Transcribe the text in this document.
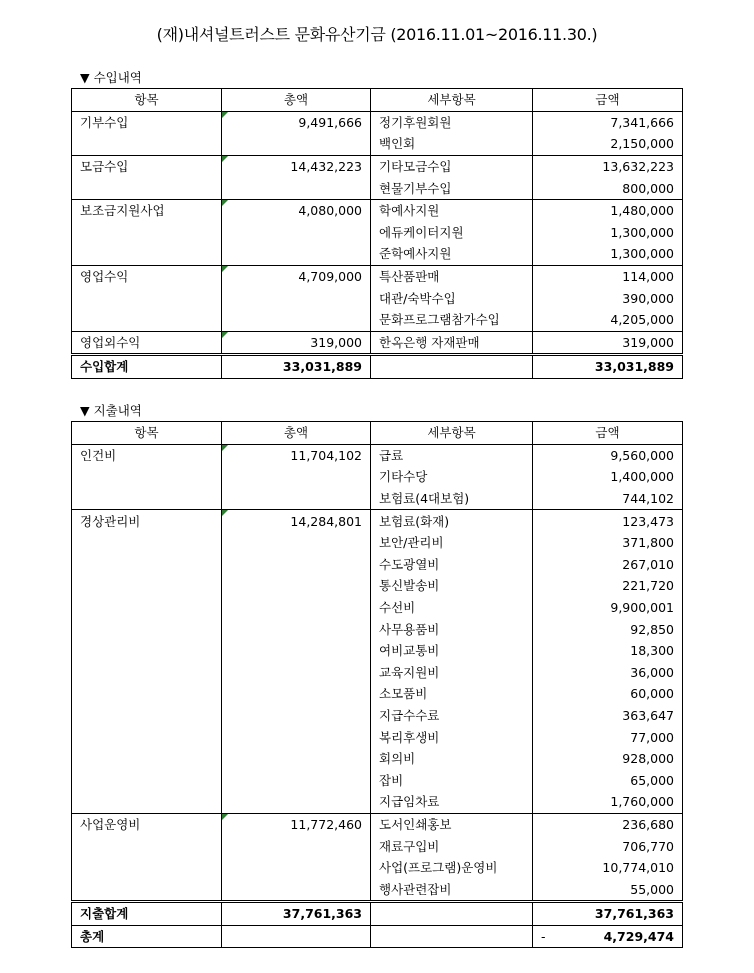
(재)내셔널트러스트 문화유산기금 (2016.11.01~2016.11.30.)
▼ 수입내역
항목	총액	세부항목	금액
기부수입	9,491,666	정기후원회원	7,341,666
		백인회	2,150,000
모금수입	14,432,223	기타모금수입	13,632,223
		현물기부수입	800,000
보조금지원사업	4,080,000	학예사지원	1,480,000
		에듀케이터지원	1,300,000
		준학예사지원	1,300,000
영업수익	4,709,000	특산품판매	114,000
		대관/숙박수입	390,000
		문화프로그램참가수입	4,205,000
영업외수익	319,000	한옥은행 자재판매	319,000
수입합계	33,031,889		33,031,889
▼ 지출내역
항목	총액	세부항목	금액
인건비	11,704,102	급료	9,560,000
		기타수당	1,400,000
		보험료(4대보험)	744,102
경상관리비	14,284,801	보험료(화재)	123,473
		보안/관리비	371,800
		수도광열비	267,010
		통신발송비	221,720
		수선비	9,900,001
		사무용품비	92,850
		여비교통비	18,300
		교육지원비	36,000
		소모품비	60,000
		지급수수료	363,647
		복리후생비	77,000
		회의비	928,000
		잡비	65,000
		지급임차료	1,760,000
사업운영비	11,772,460	도서인쇄홍보	236,680
		재료구입비	706,770
		사업(프로그램)운영비	10,774,010
		행사관련잡비	55,000
지출합계	37,761,363		37,761,363
총계			- 4,729,474
